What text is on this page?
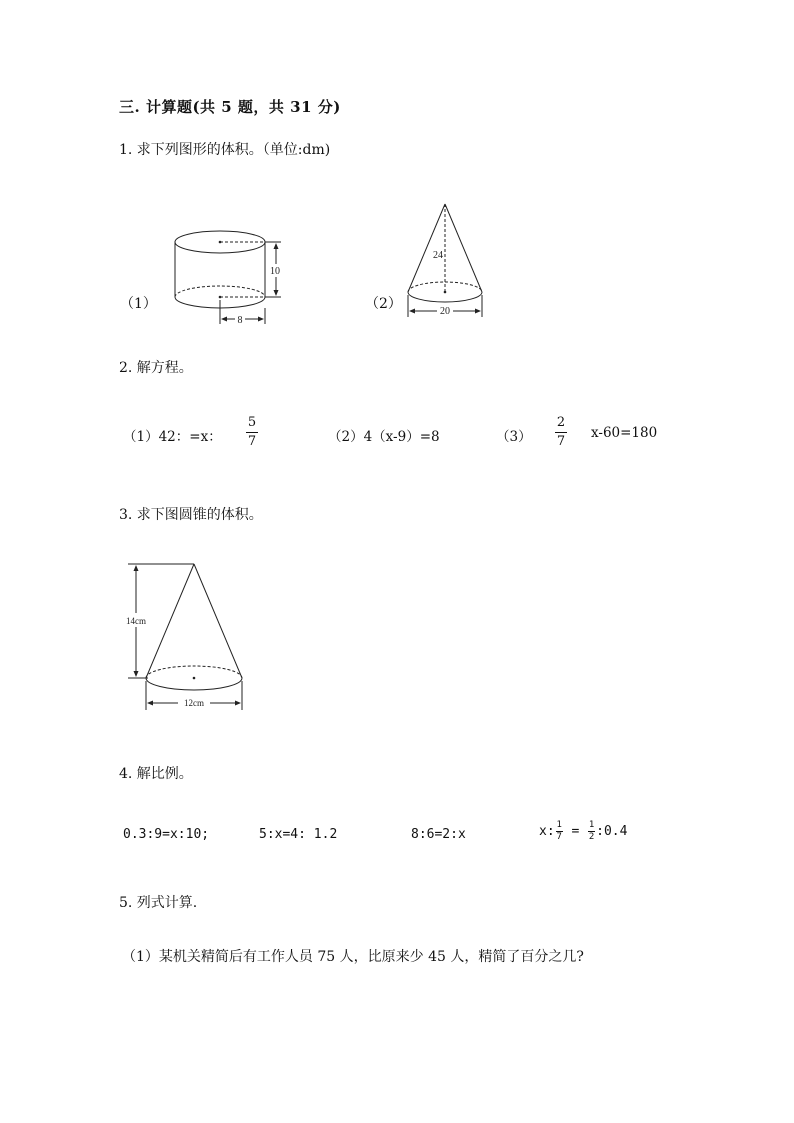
三. 计算题(共 5 题，共 31 分)
1. 求下列图形的体积。（单位:dm)
（1）
10
8
（2）
24
20
2. 解方程。
（1）42：=x：
5
7	（2）4（x-9）=8	（3）
2
7
x-60=180
3. 求下图圆锥的体积。
14cm
12cm
4. 解比例。
0.3:9=x:10;	5:x=4: 1.2	8:6=2:x	x: 1
7 = 1
2 :0.4
5. 列式计算.
（1）某机关精简后有工作人员 75 人，比原来少 45 人，精简了百分之几?
